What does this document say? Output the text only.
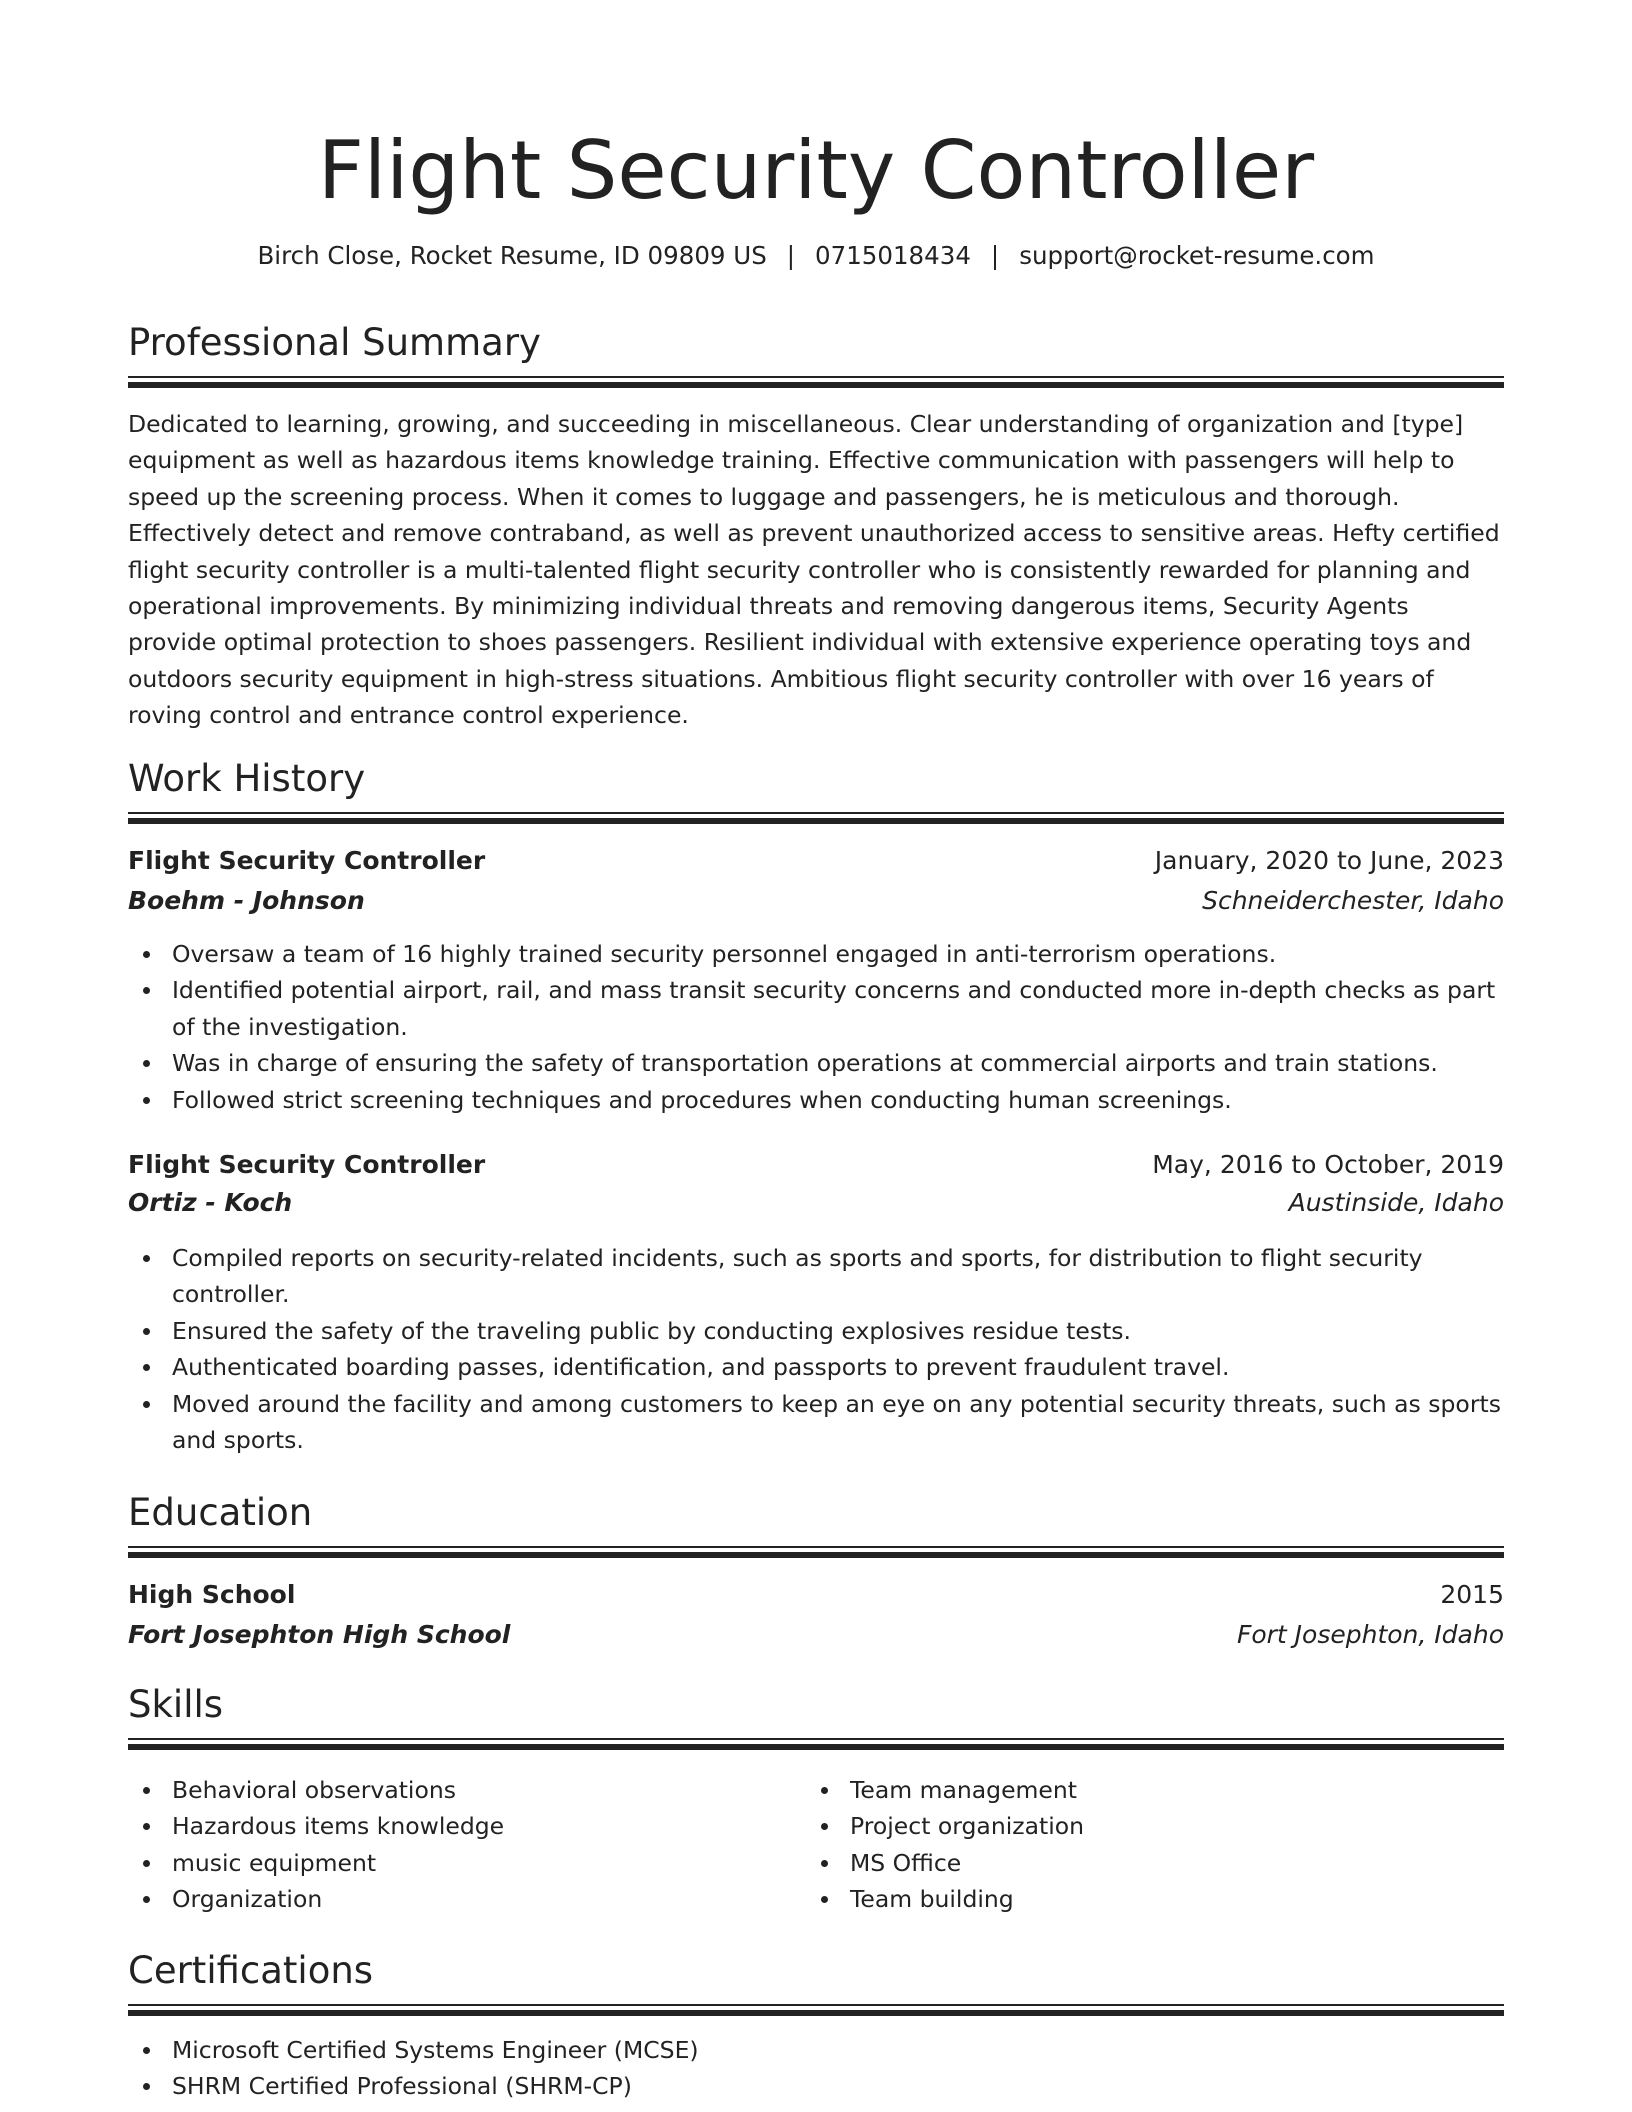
Flight Security Controller
Birch Close, Rocket Resume, ID 09809 US | 0715018434 | support@rocket-resume.com
Professional Summary
Dedicated to learning, growing, and succeeding in miscellaneous. Clear understanding of organization and [type] equipment as well as hazardous items knowledge training. Effective communication with passengers will help to speed up the screening process. When it comes to luggage and passengers, he is meticulous and thorough. Effectively detect and remove contraband, as well as prevent unauthorized access to sensitive areas. Hefty certified flight security controller is a multi-talented flight security controller who is consistently rewarded for planning and operational improvements. By minimizing individual threats and removing dangerous items, Security Agents provide optimal protection to shoes passengers. Resilient individual with extensive experience operating toys and outdoors security equipment in high-stress situations. Ambitious flight security controller with over 16 years of roving control and entrance control experience.
Work History
Flight Security Controller	January, 2020 to June, 2023
Boehm - Johnson	Schneiderchester, Idaho
Oversaw a team of 16 highly trained security personnel engaged in anti-terrorism operations.
Identified potential airport, rail, and mass transit security concerns and conducted more in-depth checks as part of the investigation.
Was in charge of ensuring the safety of transportation operations at commercial airports and train stations.
Followed strict screening techniques and procedures when conducting human screenings.
Flight Security Controller	May, 2016 to October, 2019
Ortiz - Koch	Austinside, Idaho
Compiled reports on security-related incidents, such as sports and sports, for distribution to flight security controller.
Ensured the safety of the traveling public by conducting explosives residue tests.
Authenticated boarding passes, identification, and passports to prevent fraudulent travel.
Moved around the facility and among customers to keep an eye on any potential security threats, such as sports and sports.
Education
High School	2015
Fort Josephton High School	Fort Josephton, Idaho
Skills
Behavioral observations
Hazardous items knowledge
music equipment
Organization
Team management
Project organization
MS Office
Team building
Certifications
Microsoft Certified Systems Engineer (MCSE)
SHRM Certified Professional (SHRM-CP)
